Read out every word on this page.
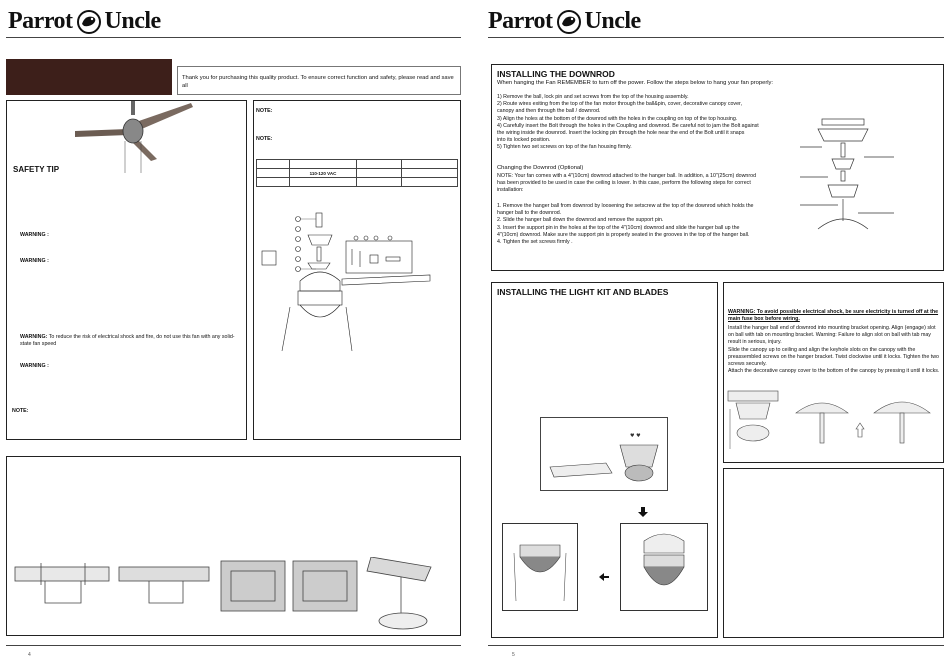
Parrot Uncle
Thank you for purchasing this quality product. To ensure correct function and safety, please read and save all
SAFETY TIP
WARNING :
WARNING :
WARNING: To reduce the risk of electrical shock and fire, do not use this fan with any solid-state fan speed
WARNING :
NOTE:
NOTE:
NOTE:

	110-120 VAC		

4
Parrot Uncle
INSTALLING THE DOWNROD
When hanging the Fan REMEMBER to turn off the power. Follow the steps below to hang your fan properly:
1) Remove the ball, lock pin and set screws from the top of the housing assembly.
2) Route wires exiting from the top of the fan motor through the ball&pin, cover, decorative canopy cover,
canopy and then through the ball / downrod.
3) Align the holes at the bottom of the downrod with the holes in the coupling on top of the top housing.
4) Carefully insert the Bolt through the holes in the Coupling and downrod. Be careful not to jam the Bolt against
the wiring inside the downrod. Insert the locking pin through the hole near the end of the Bolt until it snaps
into its locked position.
5) Tighten two set screws on top of the fan housing firmly.
Changing the Downrod (Optional)
NOTE: Your fan comes with a 4"(10cm) downrod attached to the hanger ball. In addition, a 10"(25cm) downrod
has been provided to be used in case the ceiling is lower. In this case, perform the following steps for correct
installation:
1. Remove the hanger ball from downrod by loosening the setscrew at the top of the downrod which holds the
hanger ball to the downrod.
2. Slide the hanger ball down the downrod and remove the support pin.
3. Insert the support pin in the holes at the top of the 4"(10cm) downrod and slide the hanger ball up the
4"(10cm) downrod. Make sure the support pin is properly seated in the grooves in the top of the hanger ball.
4. Tighten the set screws firmly .
INSTALLING THE LIGHT KIT AND BLADES
♥ ♥
WARNING: To avoid possible electrical shock, be sure electricity is turned off at the main fuse box before wiring.
Install the hanger ball end of downrod into mounting bracket opening. Align (engage) slot
on ball with tab on mounting bracket. Warning: Failure to align slot on ball with tab may
result in serious, injury.
Slide the canopy up to ceiling and align the keyhole slots on the canopy with the
preassembled screws on the hanger bracket. Twist clockwise until it locks. Tighten the two
screws securely.
Attach the decorative canopy cover to the bottom of the canopy by pressing it until it locks.
5
